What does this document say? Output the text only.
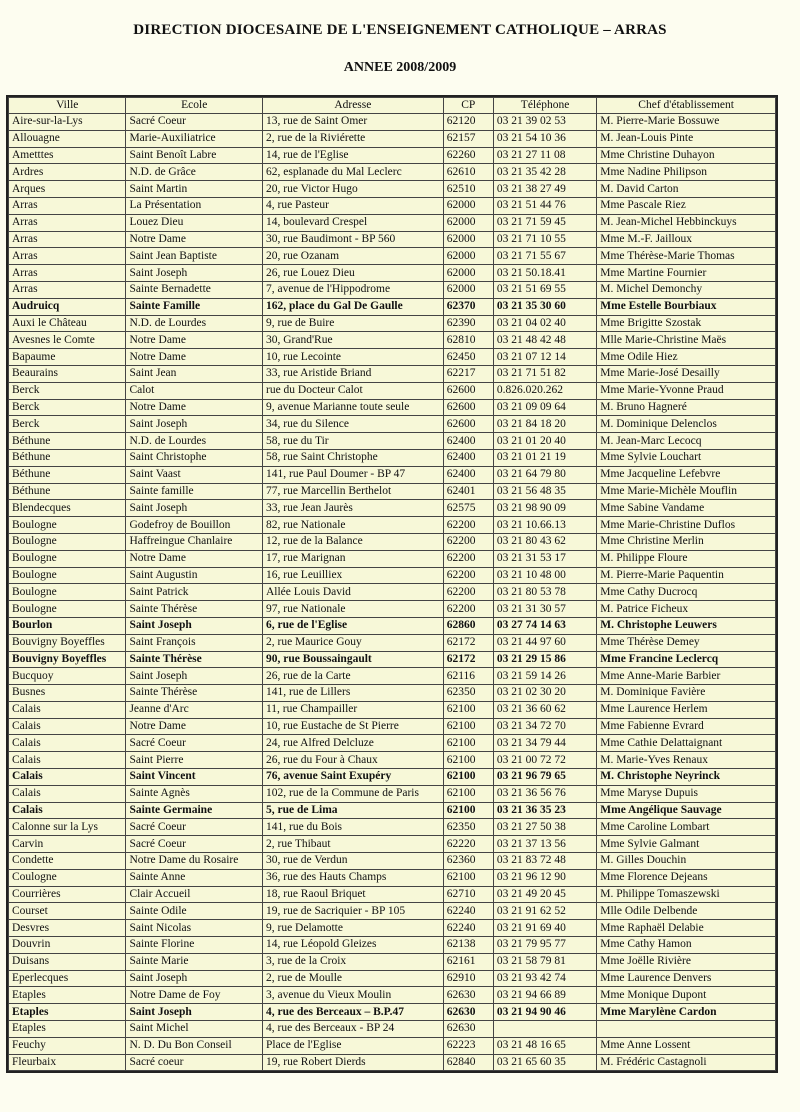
DIRECTION DIOCESAINE DE L'ENSEIGNEMENT CATHOLIQUE – ARRAS
ANNEE 2008/2009
Ville	Ecole	Adresse	CP	Téléphone	Chef d'établissement
Aire-sur-la-Lys	Sacré Coeur	13, rue de Saint Omer	62120	03 21 39 02 53	M. Pierre-Marie Bossuwe
Allouagne	Marie-Auxiliatrice	2, rue de la Riviérette	62157	03 21 54 10 36	M. Jean-Louis Pinte
Ametttes	Saint Benoît Labre	14, rue de l'Eglise	62260	03 21 27 11 08	Mme Christine Duhayon
Ardres	N.D. de Grâce	62, esplanade du Mal Leclerc	62610	03 21 35 42 28	Mme Nadine Philipson
Arques	Saint Martin	20, rue Victor Hugo	62510	03 21 38 27 49	M. David Carton
Arras	La Présentation	4, rue Pasteur	62000	03 21 51 44 76	Mme Pascale Riez
Arras	Louez Dieu	14, boulevard Crespel	62000	03 21 71 59 45	M. Jean-Michel Hebbinckuys
Arras	Notre Dame	30, rue Baudimont - BP 560	62000	03 21 71 10 55	Mme M.-F. Jailloux
Arras	Saint Jean Baptiste	20, rue Ozanam	62000	03 21 71 55 67	Mme Thérèse-Marie Thomas
Arras	Saint Joseph	26, rue Louez Dieu	62000	03 21 50.18.41	Mme Martine Fournier
Arras	Sainte Bernadette	7, avenue de l'Hippodrome	62000	03 21 51 69 55	M. Michel Demonchy
Audruicq	Sainte Famille	162, place du Gal De Gaulle	62370	03 21 35 30 60	Mme Estelle Bourbiaux
Auxi le Château	N.D. de Lourdes	9, rue de Buire	62390	03 21 04 02 40	Mme Brigitte Szostak
Avesnes le Comte	Notre Dame	30, Grand'Rue	62810	03 21 48 42 48	Mlle Marie-Christine Maës
Bapaume	Notre Dame	10, rue Lecointe	62450	03 21 07 12 14	Mme Odile Hiez
Beaurains	Saint Jean	33, rue Aristide Briand	62217	03 21 71 51 82	Mme Marie-José Desailly
Berck	Calot	rue du Docteur Calot	62600	0.826.020.262	Mme Marie-Yvonne Praud
Berck	Notre Dame	9, avenue Marianne toute seule	62600	03 21 09 09 64	M. Bruno Hagneré
Berck	Saint Joseph	34, rue du Silence	62600	03 21 84 18 20	M. Dominique Delenclos
Béthune	N.D. de Lourdes	58, rue du Tir	62400	03 21 01 20 40	M. Jean-Marc Lecocq
Béthune	Saint Christophe	58, rue Saint Christophe	62400	03 21 01 21 19	Mme Sylvie Louchart
Béthune	Saint Vaast	141, rue Paul Doumer - BP 47	62400	03 21 64 79 80	Mme Jacqueline Lefebvre
Béthune	Sainte famille	77, rue Marcellin Berthelot	62401	03 21 56 48 35	Mme Marie-Michèle Mouflin
Blendecques	Saint Joseph	33, rue Jean Jaurès	62575	03 21 98 90 09	Mme Sabine Vandame
Boulogne	Godefroy de Bouillon	82, rue Nationale	62200	03 21 10.66.13	Mme Marie-Christine Duflos
Boulogne	Haffreingue Chanlaire	12, rue de la Balance	62200	03 21 80 43 62	Mme Christine Merlin
Boulogne	Notre Dame	17, rue Marignan	62200	03 21 31 53 17	M. Philippe Floure
Boulogne	Saint Augustin	16, rue Leuilliex	62200	03 21 10 48 00	M. Pierre-Marie Paquentin
Boulogne	Saint Patrick	Allée Louis David	62200	03 21 80 53 78	Mme Cathy Ducrocq
Boulogne	Sainte Thérèse	97, rue Nationale	62200	03 21 31 30 57	M. Patrice Ficheux
Bourlon	Saint Joseph	6, rue de l'Eglise	62860	03 27 74 14 63	M. Christophe Leuwers
Bouvigny Boyeffles	Saint François	2, rue Maurice Gouy	62172	03 21 44 97 60	Mme Thérèse Demey
Bouvigny Boyeffles	Sainte Thérèse	90, rue Boussaingault	62172	03 21 29 15 86	Mme Francine Leclercq
Bucquoy	Saint Joseph	26, rue de la Carte	62116	03 21 59 14 26	Mme Anne-Marie Barbier
Busnes	Sainte Thérèse	141, rue de Lillers	62350	03 21 02 30 20	M. Dominique Favière
Calais	Jeanne d'Arc	11, rue Champailler	62100	03 21 36 60 62	Mme Laurence Herlem
Calais	Notre Dame	10, rue Eustache de St Pierre	62100	03 21 34 72 70	Mme Fabienne Evrard
Calais	Sacré Coeur	24, rue Alfred Delcluze	62100	03 21 34 79 44	Mme Cathie Delattaignant
Calais	Saint Pierre	26, rue du Four à Chaux	62100	03 21 00 72 72	M. Marie-Yves Renaux
Calais	Saint Vincent	76, avenue Saint Exupéry	62100	03 21 96 79 65	M. Christophe Neyrinck
Calais	Sainte Agnès	102, rue de la Commune de Paris	62100	03 21 36 56 76	Mme Maryse Dupuis
Calais	Sainte Germaine	5, rue de Lima	62100	03 21 36 35 23	Mme Angélique Sauvage
Calonne sur la Lys	Sacré Coeur	141, rue du Bois	62350	03 21 27 50 38	Mme Caroline Lombart
Carvin	Sacré Coeur	2, rue Thibaut	62220	03 21 37 13 56	Mme Sylvie Galmant
Condette	Notre Dame du Rosaire	30, rue de Verdun	62360	03 21 83 72 48	M. Gilles Douchin
Coulogne	Sainte Anne	36, rue des Hauts Champs	62100	03 21 96 12 90	Mme Florence Dejeans
Courrières	Clair Accueil	18, rue Raoul Briquet	62710	03 21 49 20 45	M. Philippe Tomaszewski
Courset	Sainte Odile	19, rue de Sacriquier - BP 105	62240	03 21 91 62 52	Mlle Odile Delbende
Desvres	Saint Nicolas	9, rue Delamotte	62240	03 21 91 69 40	Mme Raphaël Delabie
Douvrin	Sainte Florine	14, rue Léopold Gleizes	62138	03 21 79 95 77	Mme Cathy Hamon
Duisans	Sainte Marie	3, rue de la Croix	62161	03 21 58 79 81	Mme Joëlle Rivière
Eperlecques	Saint Joseph	2, rue de Moulle	62910	03 21 93 42 74	Mme Laurence Denvers
Etaples	Notre Dame de Foy	3, avenue du Vieux Moulin	62630	03 21 94 66 89	Mme Monique Dupont
Etaples	Saint Joseph	4, rue des Berceaux – B.P.47	62630	03 21 94 90 46	Mme Marylène Cardon
Etaples	Saint Michel	4, rue des Berceaux - BP 24	62630		
Feuchy	N. D. Du Bon Conseil	Place de l'Eglise	62223	03 21 48 16 65	Mme Anne Lossent
Fleurbaix	Sacré coeur	19, rue Robert Dierds	62840	03 21 65 60 35	M. Frédéric Castagnoli
